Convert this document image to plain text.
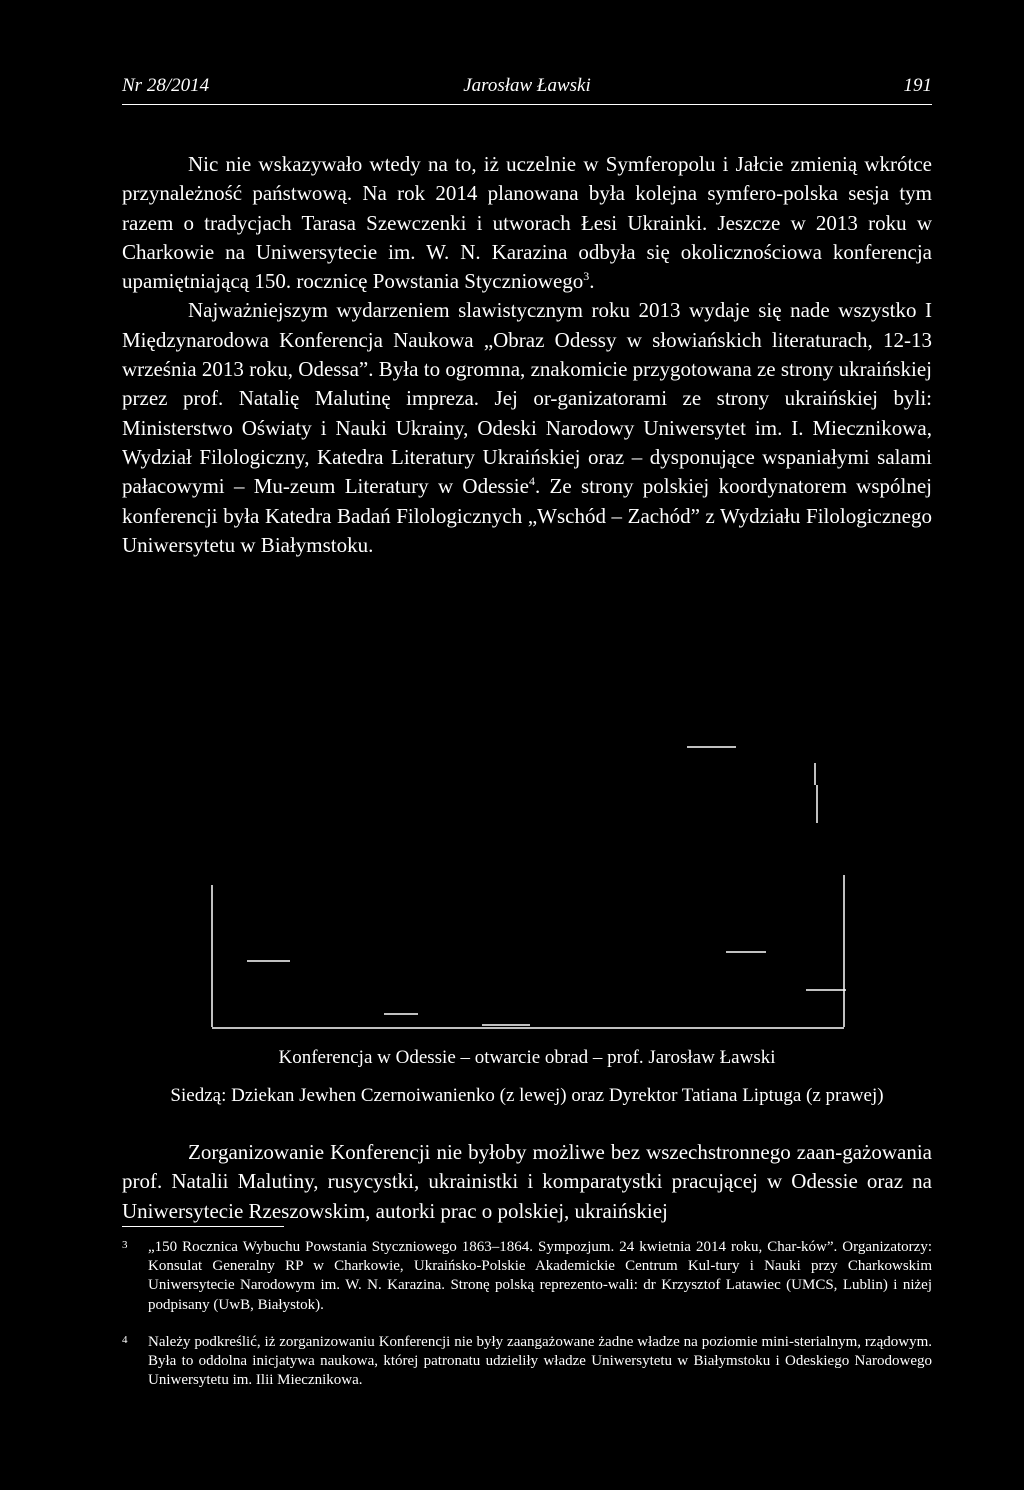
Nr 28/2014	Jarosław Ławski	191

Nic nie wskazywało wtedy na to, iż uczelnie w Symferopolu i Jałcie zmienią wkrótce przynależność państwową. Na rok 2014 planowana była kolejna symfero-polska sesja tym razem o tradycjach Tarasa Szewczenki i utworach Łesi Ukrainki. Jeszcze w 2013 roku w Charkowie na Uniwersytecie im. W. N. Karazina odbyła się okolicznościowa konferencja upamiętniającą 150. rocznicę Powstania Styczniowego$^3$.

Najważniejszym wydarzeniem slawistycznym roku 2013 wydaje się nade wszystko I Międzynarodowa Konferencja Naukowa „Obraz Odessy w słowiańskich literaturach, 12-13 września 2013 roku, Odessa”. Była to ogromna, znakomicie przygotowana ze strony ukraińskiej przez prof. Natalię Malutinę impreza. Jej or-ganizatorami ze strony ukraińskiej byli: Ministerstwo Oświaty i Nauki Ukrainy, Odeski Narodowy Uniwersytet im. I. Miecznikowa, Wydział Filologiczny, Katedra Literatury Ukraińskiej oraz – dysponujące wspaniałymi salami pałacowymi – Mu-zeum Literatury w Odessie$^4$. Ze strony polskiej koordynatorem wspólnej konferencji była Katedra Badań Filologicznych „Wschód – Zachód” z Wydziału Filologicznego Uniwersytetu w Białymstoku.

Konferencja w Odessie – otwarcie obrad – prof. Jarosław Ławski
Siedzą: Dziekan Jewhen Czernoiwanienko (z lewej) oraz Dyrektor Tatiana Liptuga (z prawej)

Zorganizowanie Konferencji nie byłoby możliwe bez wszechstronnego zaan-gażowania prof. Natalii Malutiny, rusycystki, ukrainistki i komparatystki pracującej w Odessie oraz na Uniwersytecie Rzeszowskim, autorki prac o polskiej, ukraińskiej

3 „150 Rocznica Wybuchu Powstania Styczniowego 1863–1864. Sympozjum. 24 kwietnia 2014 roku, Char-ków”. Organizatorzy: Konsulat Generalny RP w Charkowie, Ukraińsko-Polskie Akademickie Centrum Kul-tury i Nauki przy Charkowskim Uniwersytecie Narodowym im. W. N. Karazina. Stronę polską reprezento-wali: dr Krzysztof Latawiec (UMCS, Lublin) i niżej podpisany (UwB, Białystok).
4 Należy podkreślić, iż zorganizowaniu Konferencji nie były zaangażowane żadne władze na poziomie mini-sterialnym, rządowym. Była to oddolna inicjatywa naukowa, której patronatu udzieliły władze Uniwersytetu w Białymstoku i Odeskiego Narodowego Uniwersytetu im. Ilii Miecznikowa.
